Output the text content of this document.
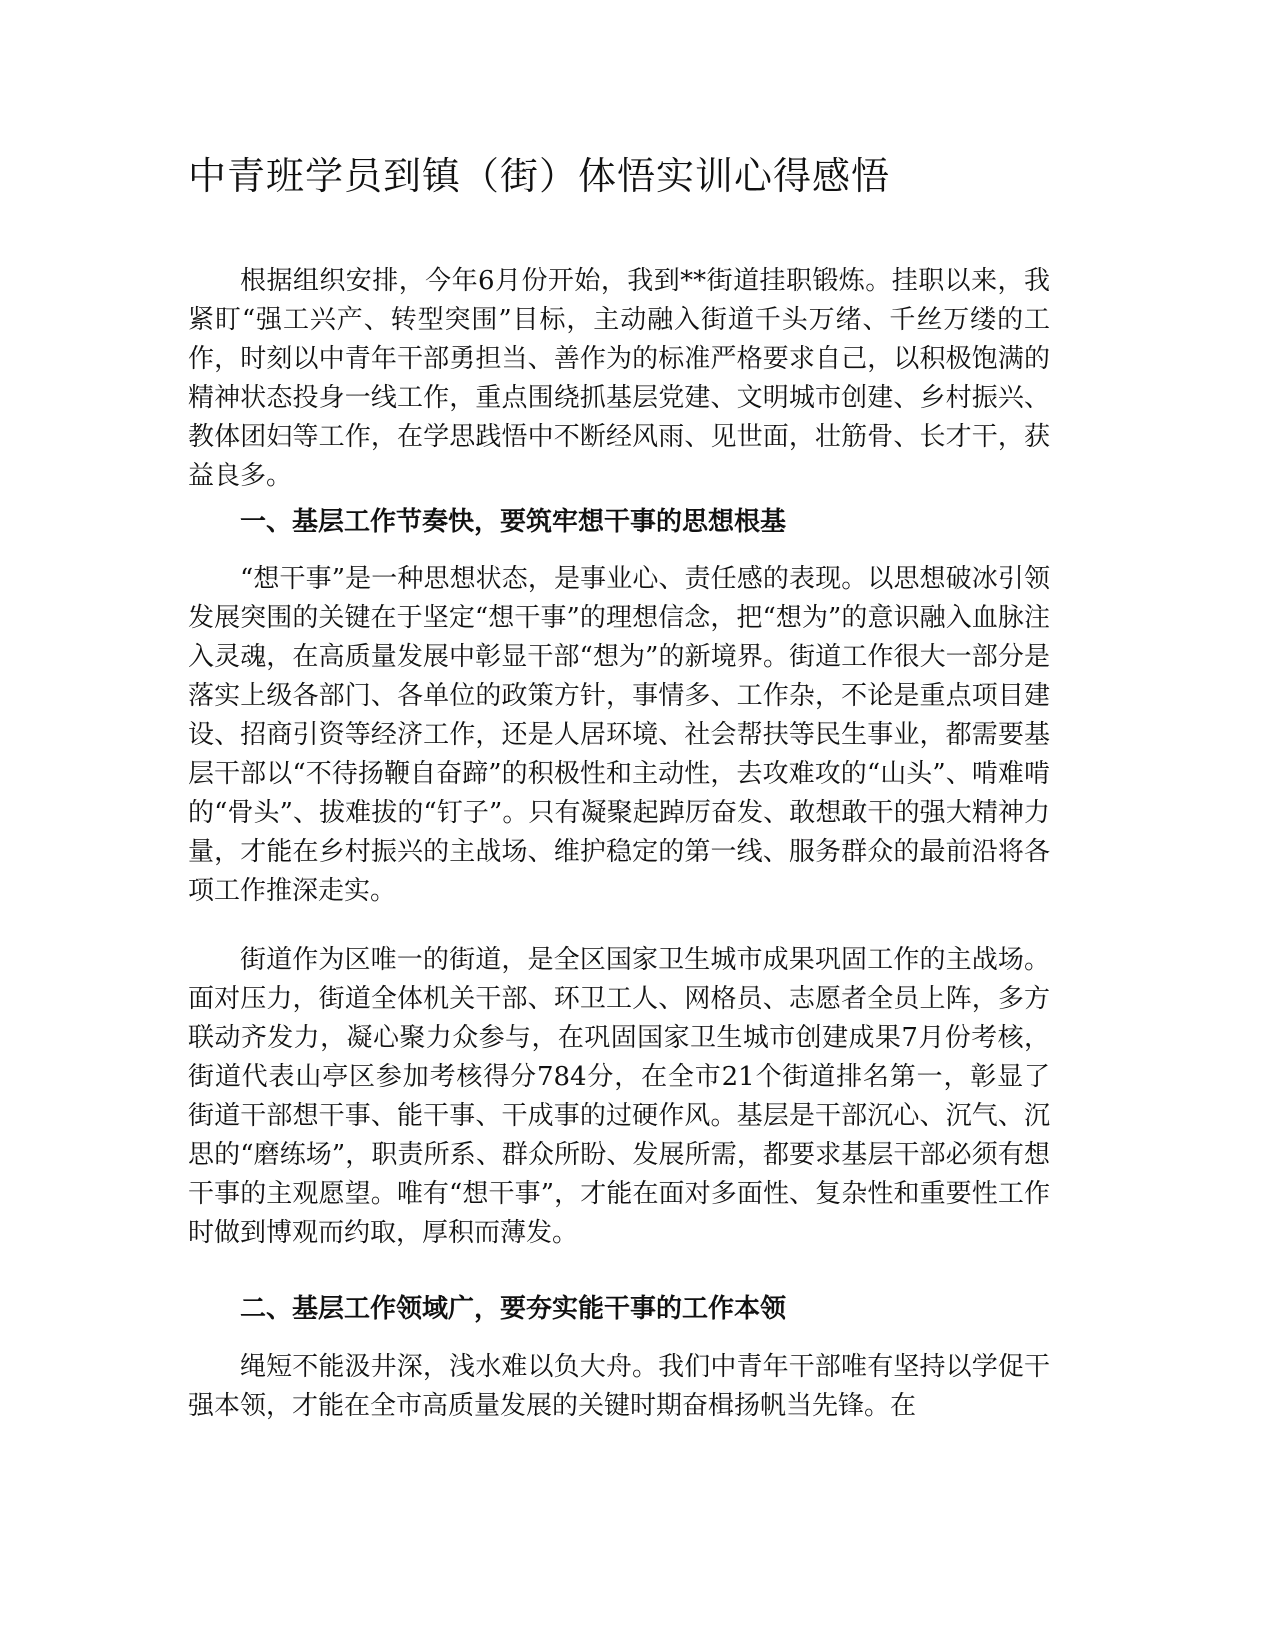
中青班学员到镇（街）体悟实训心得感悟

根据组织安排，今年6月份开始，我到**街道挂职锻炼。挂职以来，我紧盯“强工兴产、转型突围”目标，主动融入街道千头万绪、千丝万缕的工作，时刻以中青年干部勇担当、善作为的标准严格要求自己，以积极饱满的精神状态投身一线工作，重点围绕抓基层党建、文明城市创建、乡村振兴、教体团妇等工作，在学思践悟中不断经风雨、见世面，壮筋骨、长才干，获益良多。

一、基层工作节奏快，要筑牢想干事的思想根基

“想干事”是一种思想状态，是事业心、责任感的表现。以思想破冰引领发展突围的关键在于坚定“想干事”的理想信念，把“想为”的意识融入血脉注入灵魂，在高质量发展中彰显干部“想为”的新境界。街道工作很大一部分是落实上级各部门、各单位的政策方针，事情多、工作杂，不论是重点项目建设、招商引资等经济工作，还是人居环境、社会帮扶等民生事业，都需要基层干部以“不待扬鞭自奋蹄”的积极性和主动性，去攻难攻的“山头”、啃难啃的“骨头”、拔难拔的“钉子”。只有凝聚起踔厉奋发、敢想敢干的强大精神力量，才能在乡村振兴的主战场、维护稳定的第一线、服务群众的最前沿将各项工作推深走实。

街道作为区唯一的街道，是全区国家卫生城市成果巩固工作的主战场。面对压力，街道全体机关干部、环卫工人、网格员、志愿者全员上阵，多方联动齐发力，凝心聚力众参与，在巩固国家卫生城市创建成果7月份考核，街道代表山亭区参加考核得分784分，在全市21个街道排名第一，彰显了街道干部想干事、能干事、干成事的过硬作风。基层是干部沉心、沉气、沉思的“磨练场”，职责所系、群众所盼、发展所需，都要求基层干部必须有想干事的主观愿望。唯有“想干事”，才能在面对多面性、复杂性和重要性工作时做到博观而约取，厚积而薄发。

二、基层工作领域广，要夯实能干事的工作本领

绳短不能汲井深，浅水难以负大舟。我们中青年干部唯有坚持以学促干强本领，才能在全市高质量发展的关键时期奋楫扬帆当先锋。在
